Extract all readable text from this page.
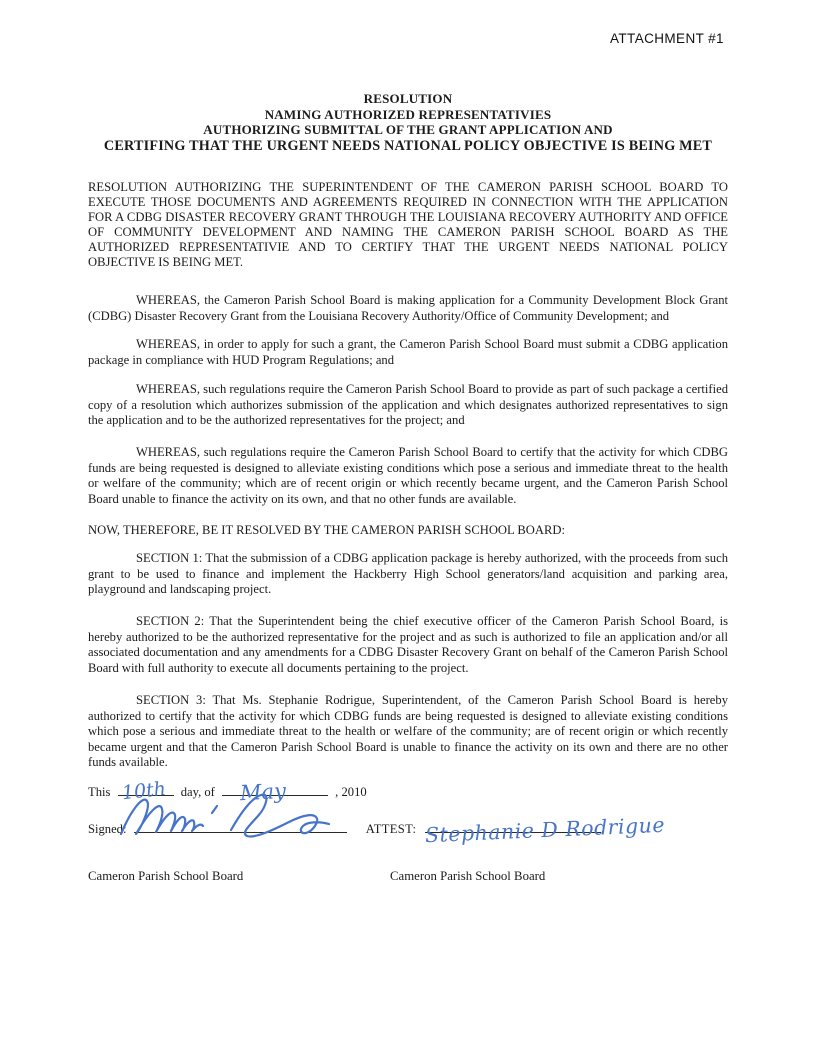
ATTACHMENT #1
RESOLUTION
NAMING AUTHORIZED REPRESENTATIVIES
AUTHORIZING SUBMITTAL OF THE GRANT APPLICATION AND
CERTIFING THAT THE URGENT NEEDS NATIONAL POLICY OBJECTIVE IS BEING MET
RESOLUTION AUTHORIZING THE SUPERINTENDENT OF THE CAMERON PARISH SCHOOL BOARD TO EXECUTE THOSE DOCUMENTS AND AGREEMENTS REQUIRED IN CONNECTION WITH THE APPLICATION FOR A CDBG DISASTER RECOVERY GRANT THROUGH THE LOUISIANA RECOVERY AUTHORITY AND OFFICE OF COMMUNITY DEVELOPMENT AND NAMING THE CAMERON PARISH SCHOOL BOARD AS THE AUTHORIZED REPRESENTATIVIE AND TO CERTIFY THAT THE URGENT NEEDS NATIONAL POLICY OBJECTIVE IS BEING MET.
WHEREAS, the Cameron Parish School Board is making application for a Community Development Block Grant (CDBG) Disaster Recovery Grant from the Louisiana Recovery Authority/Office of Community Development; and
WHEREAS, in order to apply for such a grant, the Cameron Parish School Board must submit a CDBG application package in compliance with HUD Program Regulations; and
WHEREAS, such regulations require the Cameron Parish School Board to provide as part of such package a certified copy of a resolution which authorizes submission of the application and which designates authorized representatives to sign the application and to be the authorized representatives for the project; and
WHEREAS, such regulations require the Cameron Parish School Board to certify that the activity for which CDBG funds are being requested is designed to alleviate existing conditions which pose a serious and immediate threat to the health or welfare of the community; which are of recent origin or which recently became urgent, and the Cameron Parish School Board unable to finance the activity on its own, and that no other funds are available.
NOW, THEREFORE, BE IT RESOLVED BY THE CAMERON PARISH SCHOOL BOARD:
SECTION 1: That the submission of a CDBG application package is hereby authorized, with the proceeds from such grant to be used to finance and implement the Hackberry High School generators/land acquisition and parking area, playground and landscaping project.
SECTION 2: That the Superintendent being the chief executive officer of the Cameron Parish School Board, is hereby authorized to be the authorized representative for the project and as such is authorized to file an application and/or all associated documentation and any amendments for a CDBG Disaster Recovery Grant on behalf of the Cameron Parish School Board with full authority to execute all documents pertaining to the project.
SECTION 3: That Ms. Stephanie Rodrigue, Superintendent, of the Cameron Parish School Board is hereby authorized to certify that the activity for which CDBG funds are being requested is designed to alleviate existing conditions which pose a serious and immediate threat to the health or welfare of the community; are of recent origin or which recently became urgent and that the Cameron Parish School Board is unable to finance the activity on its own and there are no other funds available.
This 10th day, of May	, 2010
Signed:	ATTEST: Stephanie D Rodrigue
Cameron Parish School Board	Cameron Parish School Board
